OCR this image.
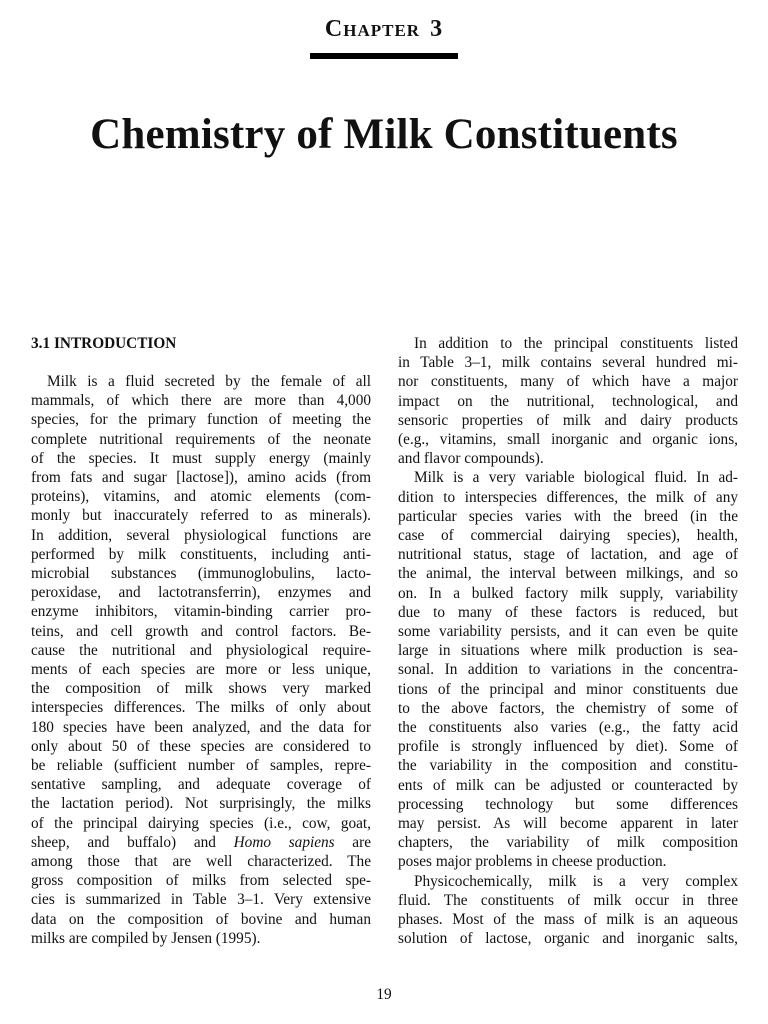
Chapter 3
Chemistry of Milk Constituents
3.1 INTRODUCTION
Milk is a fluid secreted by the female of all
mammals, of which there are more than 4,000
species, for the primary function of meeting the
complete nutritional requirements of the neonate
of the species. It must supply energy (mainly
from fats and sugar [lactose]), amino acids (from
proteins), vitamins, and atomic elements (com-
monly but inaccurately referred to as minerals).
In addition, several physiological functions are
performed by milk constituents, including anti-
microbial substances (immunoglobulins, lacto-
peroxidase, and lactotransferrin), enzymes and
enzyme inhibitors, vitamin-binding carrier pro-
teins, and cell growth and control factors. Be-
cause the nutritional and physiological require-
ments of each species are more or less unique,
the composition of milk shows very marked
interspecies differences. The milks of only about
180 species have been analyzed, and the data for
only about 50 of these species are considered to
be reliable (sufficient number of samples, repre-
sentative sampling, and adequate coverage of
the lactation period). Not surprisingly, the milks
of the principal dairying species (i.e., cow, goat,
sheep, and buffalo) and Homo sapiens are
among those that are well characterized. The
gross composition of milks from selected spe-
cies is summarized in Table 3–1. Very extensive
data on the composition of bovine and human
milks are compiled by Jensen (1995).
In addition to the principal constituents listed
in Table 3–1, milk contains several hundred mi-
nor constituents, many of which have a major
impact on the nutritional, technological, and
sensoric properties of milk and dairy products
(e.g., vitamins, small inorganic and organic ions,
and flavor compounds).
Milk is a very variable biological fluid. In ad-
dition to interspecies differences, the milk of any
particular species varies with the breed (in the
case of commercial dairying species), health,
nutritional status, stage of lactation, and age of
the animal, the interval between milkings, and so
on. In a bulked factory milk supply, variability
due to many of these factors is reduced, but
some variability persists, and it can even be quite
large in situations where milk production is sea-
sonal. In addition to variations in the concentra-
tions of the principal and minor constituents due
to the above factors, the chemistry of some of
the constituents also varies (e.g., the fatty acid
profile is strongly influenced by diet). Some of
the variability in the composition and constitu-
ents of milk can be adjusted or counteracted by
processing technology but some differences
may persist. As will become apparent in later
chapters, the variability of milk composition
poses major problems in cheese production.
Physicochemically, milk is a very complex
fluid. The constituents of milk occur in three
phases. Most of the mass of milk is an aqueous
solution of lactose, organic and inorganic salts,
19
